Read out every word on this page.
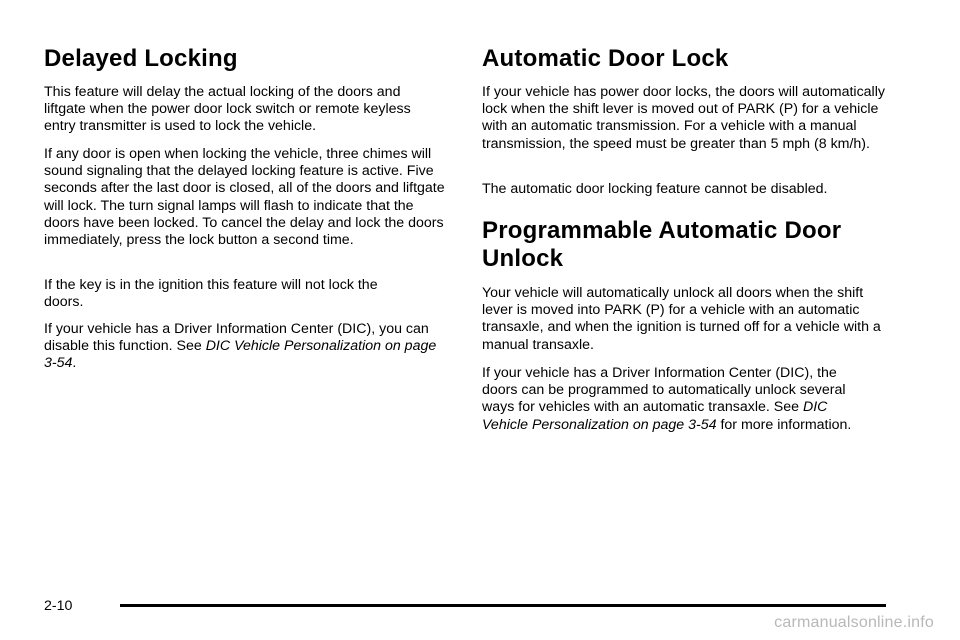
Delayed Locking

This feature will delay the actual locking of the doors and liftgate when the power door lock switch or remote keyless entry transmitter is used to lock the vehicle.

If any door is open when locking the vehicle, three chimes will sound signaling that the delayed locking feature is active. Five seconds after the last door is closed, all of the doors and liftgate will lock. The turn signal lamps will flash to indicate that the doors have been locked. To cancel the delay and lock the doors immediately, press the lock button a second time.

If the key is in the ignition this feature will not lock the doors.

If your vehicle has a Driver Information Center (DIC), you can disable this function. See DIC Vehicle Personalization on page 3-54.

Automatic Door Lock

If your vehicle has power door locks, the doors will automatically lock when the shift lever is moved out of PARK (P) for a vehicle with an automatic transmission. For a vehicle with a manual transmission, the speed must be greater than 5 mph (8 km/h).

The automatic door locking feature cannot be disabled.

Programmable Automatic Door
Unlock

Your vehicle will automatically unlock all doors when the shift lever is moved into PARK (P) for a vehicle with an automatic transaxle, and when the ignition is turned off for a vehicle with a manual transaxle.

If your vehicle has a Driver Information Center (DIC), the doors can be programmed to automatically unlock several ways for vehicles with an automatic transaxle. See DIC Vehicle Personalization on page 3-54 for more information.

2-10
carmanualsonline.info
